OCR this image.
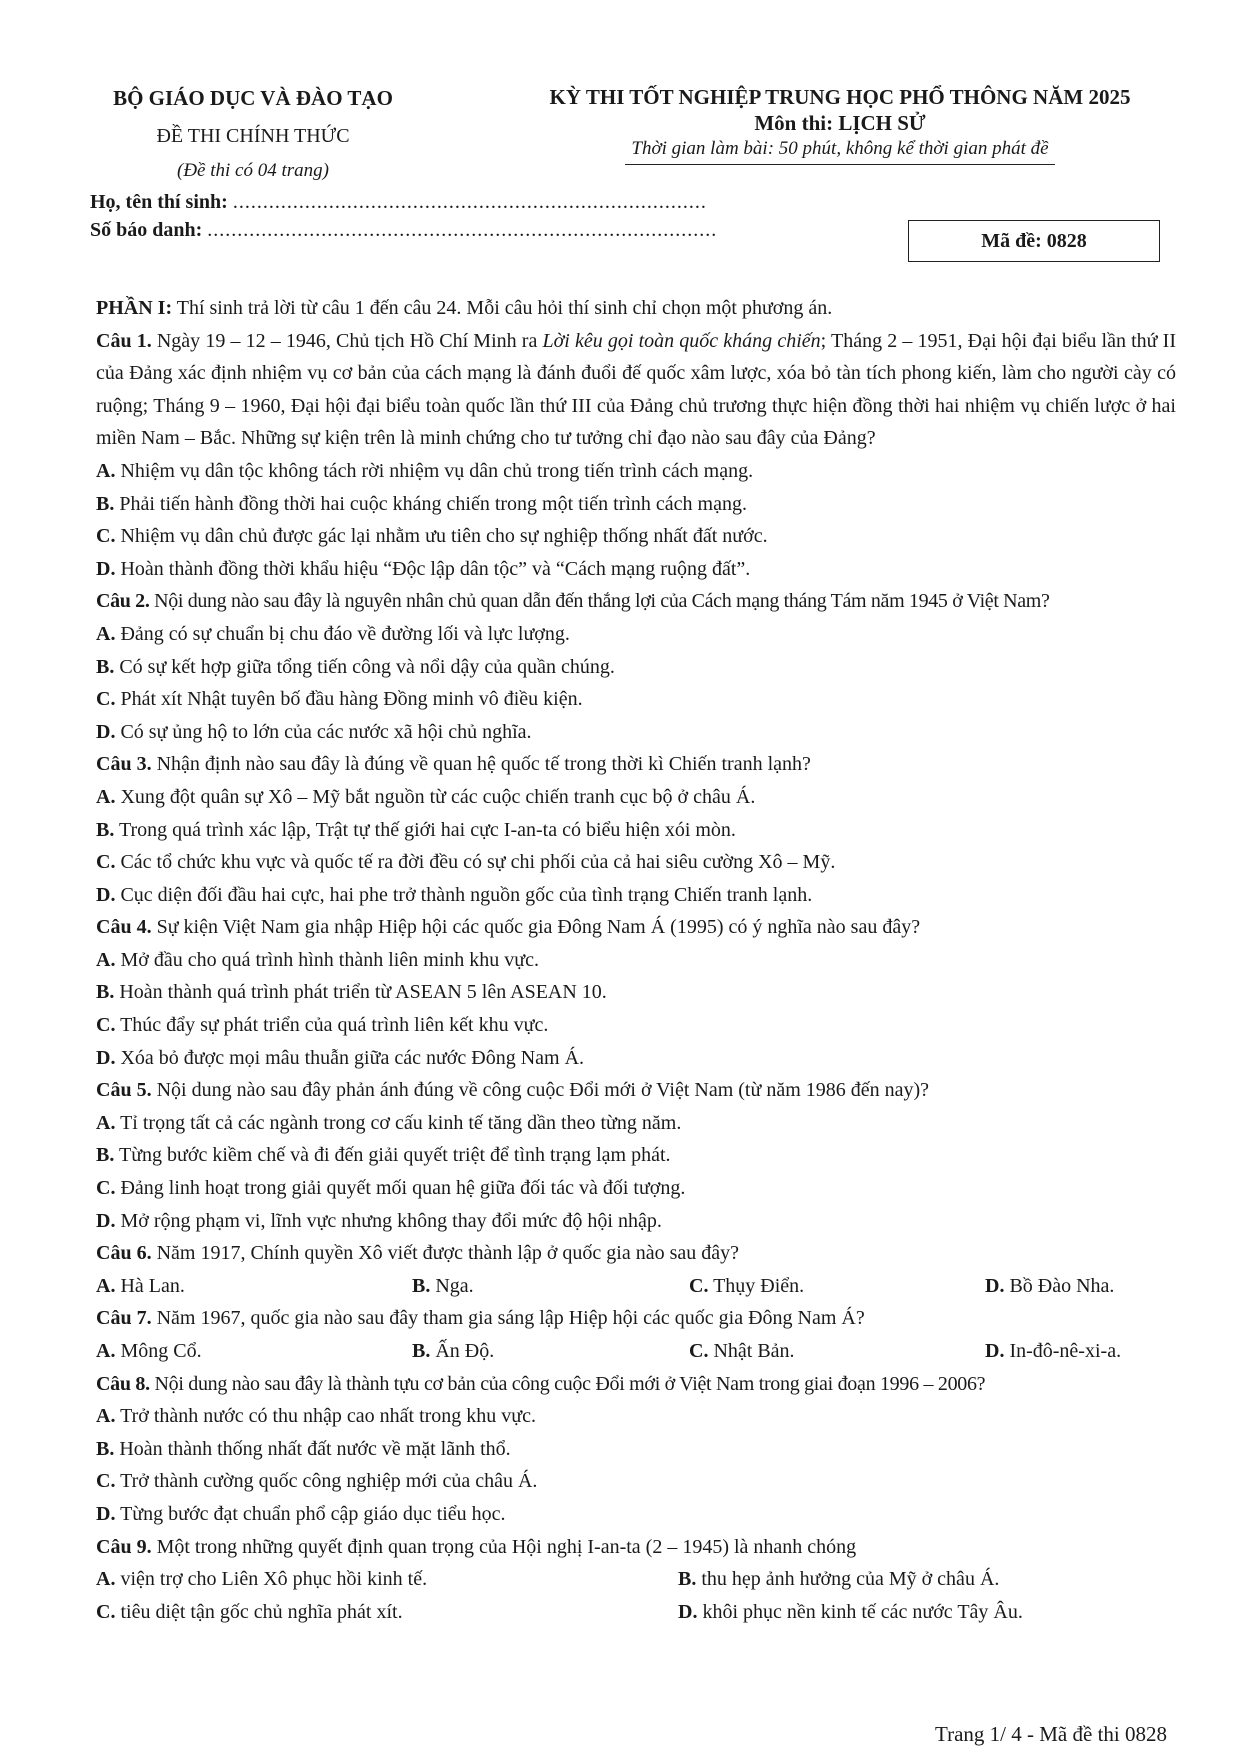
BỘ GIÁO DỤC VÀ ĐÀO TẠO
ĐỀ THI CHÍNH THỨC
(Đề thi có 04 trang)
KỲ THI TỐT NGHIỆP TRUNG HỌC PHỔ THÔNG NĂM 2025
Môn thi: LỊCH SỬ
Thời gian làm bài: 50 phút, không kể thời gian phát đề
Họ, tên thí sinh: ...............................................................................
Số báo danh: .....................................................................................	Mã đề: 0828

PHẦN I: Thí sinh trả lời từ câu 1 đến câu 24. Mỗi câu hỏi thí sinh chỉ chọn một phương án.

Câu 1. Ngày 19 – 12 – 1946, Chủ tịch Hồ Chí Minh ra Lời kêu gọi toàn quốc kháng chiến; Tháng 2 – 1951, Đại hội đại biểu lần thứ II của Đảng xác định nhiệm vụ cơ bản của cách mạng là đánh đuổi đế quốc xâm lược, xóa bỏ tàn tích phong kiến, làm cho người cày có ruộng; Tháng 9 – 1960, Đại hội đại biểu toàn quốc lần thứ III của Đảng chủ trương thực hiện đồng thời hai nhiệm vụ chiến lược ở hai miền Nam – Bắc. Những sự kiện trên là minh chứng cho tư tưởng chỉ đạo nào sau đây của Đảng?

A. Nhiệm vụ dân tộc không tách rời nhiệm vụ dân chủ trong tiến trình cách mạng.

B. Phải tiến hành đồng thời hai cuộc kháng chiến trong một tiến trình cách mạng.

C. Nhiệm vụ dân chủ được gác lại nhằm ưu tiên cho sự nghiệp thống nhất đất nước.

D. Hoàn thành đồng thời khẩu hiệu “Độc lập dân tộc” và “Cách mạng ruộng đất”.

Câu 2. Nội dung nào sau đây là nguyên nhân chủ quan dẫn đến thắng lợi của Cách mạng tháng Tám năm 1945 ở Việt Nam?

A. Đảng có sự chuẩn bị chu đáo về đường lối và lực lượng.

B. Có sự kết hợp giữa tổng tiến công và nổi dậy của quần chúng.

C. Phát xít Nhật tuyên bố đầu hàng Đồng minh vô điều kiện.

D. Có sự ủng hộ to lớn của các nước xã hội chủ nghĩa.

Câu 3. Nhận định nào sau đây là đúng về quan hệ quốc tế trong thời kì Chiến tranh lạnh?

A. Xung đột quân sự Xô – Mỹ bắt nguồn từ các cuộc chiến tranh cục bộ ở châu Á.

B. Trong quá trình xác lập, Trật tự thế giới hai cực I-an-ta có biểu hiện xói mòn.

C. Các tổ chức khu vực và quốc tế ra đời đều có sự chi phối của cả hai siêu cường Xô – Mỹ.

D. Cục diện đối đầu hai cực, hai phe trở thành nguồn gốc của tình trạng Chiến tranh lạnh.

Câu 4. Sự kiện Việt Nam gia nhập Hiệp hội các quốc gia Đông Nam Á (1995) có ý nghĩa nào sau đây?

A. Mở đầu cho quá trình hình thành liên minh khu vực.

B. Hoàn thành quá trình phát triển từ ASEAN 5 lên ASEAN 10.

C. Thúc đẩy sự phát triển của quá trình liên kết khu vực.

D. Xóa bỏ được mọi mâu thuẫn giữa các nước Đông Nam Á.

Câu 5. Nội dung nào sau đây phản ánh đúng về công cuộc Đổi mới ở Việt Nam (từ năm 1986 đến nay)?

A. Tỉ trọng tất cả các ngành trong cơ cấu kinh tế tăng dần theo từng năm.

B. Từng bước kiềm chế và đi đến giải quyết triệt để tình trạng lạm phát.

C. Đảng linh hoạt trong giải quyết mối quan hệ giữa đối tác và đối tượng.

D. Mở rộng phạm vi, lĩnh vực nhưng không thay đổi mức độ hội nhập.

Câu 6. Năm 1917, Chính quyền Xô viết được thành lập ở quốc gia nào sau đây?

A. Hà Lan.	B. Nga.	C. Thụy Điển.	D. Bồ Đào Nha.

Câu 7. Năm 1967, quốc gia nào sau đây tham gia sáng lập Hiệp hội các quốc gia Đông Nam Á?

A. Mông Cổ.	B. Ấn Độ.	C. Nhật Bản.	D. In-đô-nê-xi-a.

Câu 8. Nội dung nào sau đây là thành tựu cơ bản của công cuộc Đổi mới ở Việt Nam trong giai đoạn 1996 – 2006?

A. Trở thành nước có thu nhập cao nhất trong khu vực.

B. Hoàn thành thống nhất đất nước về mặt lãnh thổ.

C. Trở thành cường quốc công nghiệp mới của châu Á.

D. Từng bước đạt chuẩn phổ cập giáo dục tiểu học.

Câu 9. Một trong những quyết định quan trọng của Hội nghị I-an-ta (2 – 1945) là nhanh chóng

A. viện trợ cho Liên Xô phục hồi kinh tế.	B. thu hẹp ảnh hưởng của Mỹ ở châu Á.
C. tiêu diệt tận gốc chủ nghĩa phát xít.	D. khôi phục nền kinh tế các nước Tây Âu.
Trang 1/ 4 - Mã đề thi 0828
